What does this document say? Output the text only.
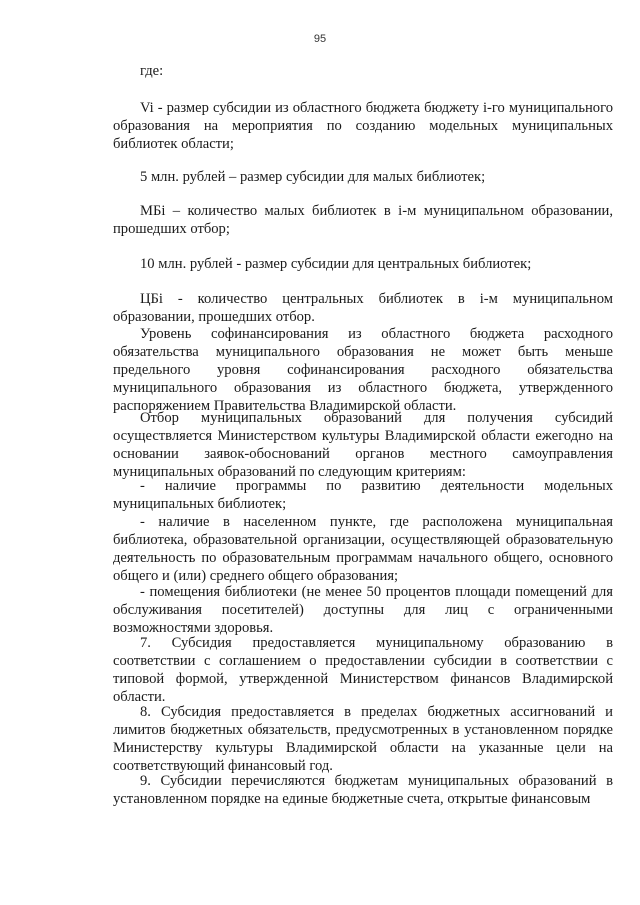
95

где:

Vi - размер субсидии из областного бюджета бюджету i-го муниципального образования на мероприятия по созданию модельных муниципальных библиотек области;

5 млн. рублей – размер субсидии для малых библиотек;

МБi – количество малых библиотек в i-м муниципальном образовании, прошедших отбор;

10 млн. рублей - размер субсидии для центральных библиотек;

ЦБi - количество центральных библиотек в i-м муниципальном образовании, прошедших отбор.

Уровень софинансирования из областного бюджета расходного обязательства муниципального образования не может быть меньше предельного уровня софинансирования расходного обязательства муниципального образования из областного бюджета, утвержденного распоряжением Правительства Владимирской области.

Отбор муниципальных образований для получения субсидий осуществляется Министерством культуры Владимирской области ежегодно на основании заявок-обоснований органов местного самоуправления муниципальных образований по следующим критериям:

- наличие программы по развитию деятельности модельных муниципальных библиотек;

- наличие в населенном пункте, где расположена муниципальная библиотека, образовательной организации, осуществляющей образовательную деятельность по образовательным программам начального общего, основного общего и (или) среднего общего образования;

- помещения библиотеки (не менее 50 процентов площади помещений для обслуживания посетителей) доступны для лиц с ограниченными возможностями здоровья.

7. Субсидия предоставляется муниципальному образованию в соответствии с соглашением о предоставлении субсидии в соответствии с типовой формой, утвержденной Министерством финансов Владимирской области.

8. Субсидия предоставляется в пределах бюджетных ассигнований и лимитов бюджетных обязательств, предусмотренных в установленном порядке Министерству культуры Владимирской области на указанные цели на соответствующий финансовый год.

9. Субсидии перечисляются бюджетам муниципальных образований в установленном порядке на единые бюджетные счета, открытые финансовым
